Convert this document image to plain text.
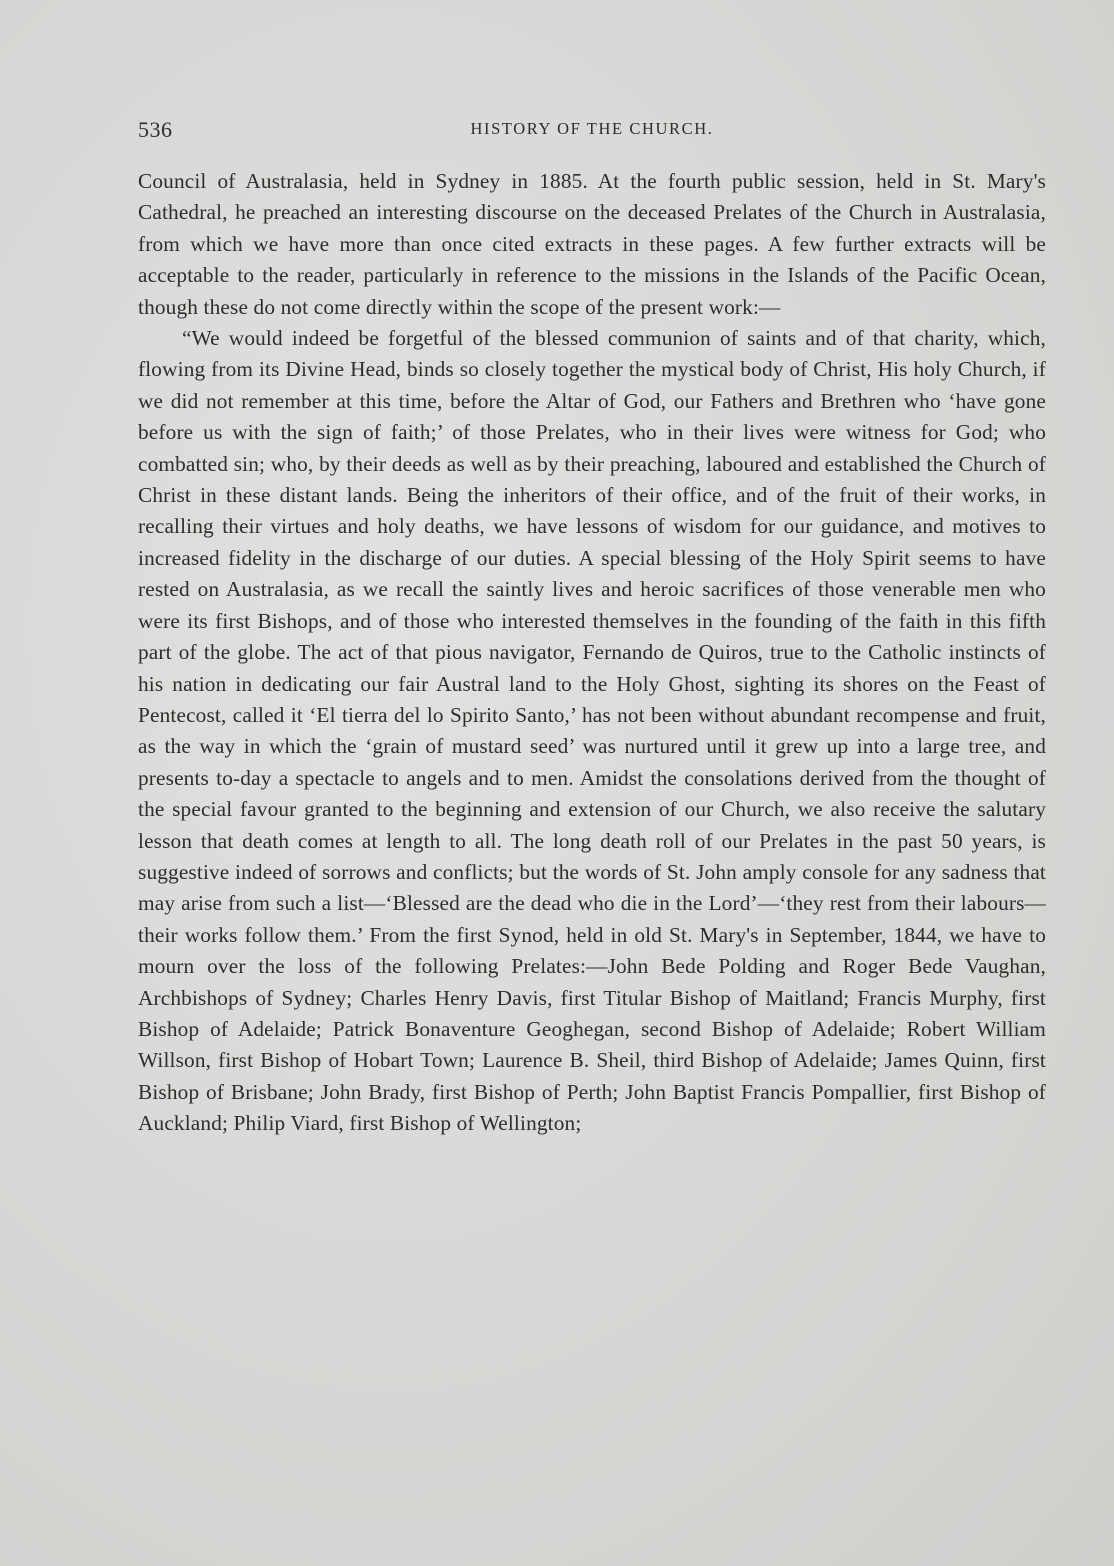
536	HISTORY OF THE CHURCH.

Council of Australasia, held in Sydney in 1885. At the fourth public session, held in St. Mary's Cathedral, he preached an interesting discourse on the deceased Prelates of the Church in Australasia, from which we have more than once cited extracts in these pages. A few further extracts will be acceptable to the reader, particularly in reference to the missions in the Islands of the Pacific Ocean, though these do not come directly within the scope of the present work:—

“We would indeed be forgetful of the blessed communion of saints and of that charity, which, flowing from its Divine Head, binds so closely together the mystical body of Christ, His holy Church, if we did not remember at this time, before the Altar of God, our Fathers and Brethren who ‘have gone before us with the sign of faith;’ of those Prelates, who in their lives were witness for God; who combatted sin; who, by their deeds as well as by their preaching, laboured and established the Church of Christ in these distant lands. Being the inheritors of their office, and of the fruit of their works, in recalling their virtues and holy deaths, we have lessons of wisdom for our guidance, and motives to increased fidelity in the discharge of our duties. A special blessing of the Holy Spirit seems to have rested on Australasia, as we recall the saintly lives and heroic sacrifices of those venerable men who were its first Bishops, and of those who interested themselves in the founding of the faith in this fifth part of the globe. The act of that pious navigator, Fernando de Quiros, true to the Catholic instincts of his nation in dedicating our fair Austral land to the Holy Ghost, sighting its shores on the Feast of Pentecost, called it ‘El tierra del lo Spirito Santo,’ has not been without abundant recompense and fruit, as the way in which the ‘grain of mustard seed’ was nurtured until it grew up into a large tree, and presents to-day a spectacle to angels and to men. Amidst the consolations derived from the thought of the special favour granted to the beginning and extension of our Church, we also receive the salutary lesson that death comes at length to all. The long death roll of our Prelates in the past 50 years, is suggestive indeed of sorrows and conflicts; but the words of St. John amply console for any sadness that may arise from such a list—‘Blessed are the dead who die in the Lord’—‘they rest from their labours—their works follow them.’ From the first Synod, held in old St. Mary's in September, 1844, we have to mourn over the loss of the following Prelates:—John Bede Polding and Roger Bede Vaughan, Archbishops of Sydney; Charles Henry Davis, first Titular Bishop of Maitland; Francis Murphy, first Bishop of Adelaide; Patrick Bonaventure Geoghegan, second Bishop of Adelaide; Robert William Willson, first Bishop of Hobart Town; Laurence B. Sheil, third Bishop of Adelaide; James Quinn, first Bishop of Brisbane; John Brady, first Bishop of Perth; John Baptist Francis Pompallier, first Bishop of Auckland; Philip Viard, first Bishop of Wellington;
